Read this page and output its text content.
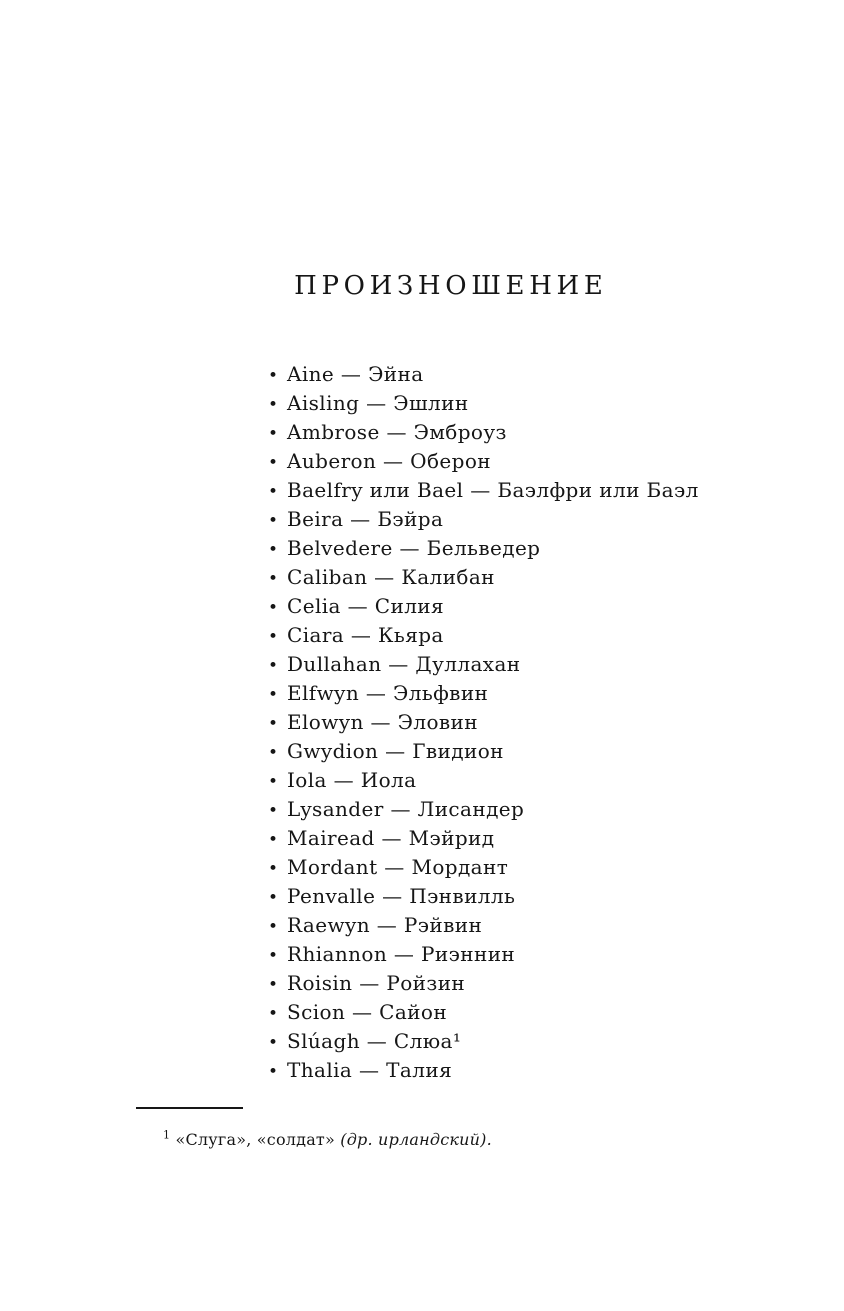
ПРОИЗНОШЕНИЕ
• Aine — Эйна
• Aisling — Эшлин
• Ambrose — Эмброуз
• Auberon — Оберон
• Baelfry или Bael — Баэлфри или Баэл
• Beira — Бэйра
• Belvedere — Бельведер
• Caliban — Калибан
• Celia — Силия
• Ciara — Кьяра
• Dullahan — Дуллахан
• Elfwyn — Эльфвин
• Elowyn — Эловин
• Gwydion — Гвидион
• Iola — Иола
• Lysander — Лисандер
• Mairead — Мэйрид
• Mordant — Мордант
• Penvalle — Пэнвилль
• Raewyn — Рэйвин
• Rhiannon — Риэннин
• Roisin — Ройзин
• Scion — Сайон
• Slúagh — Слюа¹
• Thalia — Талия
$^1$ «Слуга», «солдат» (др. ирландский).
